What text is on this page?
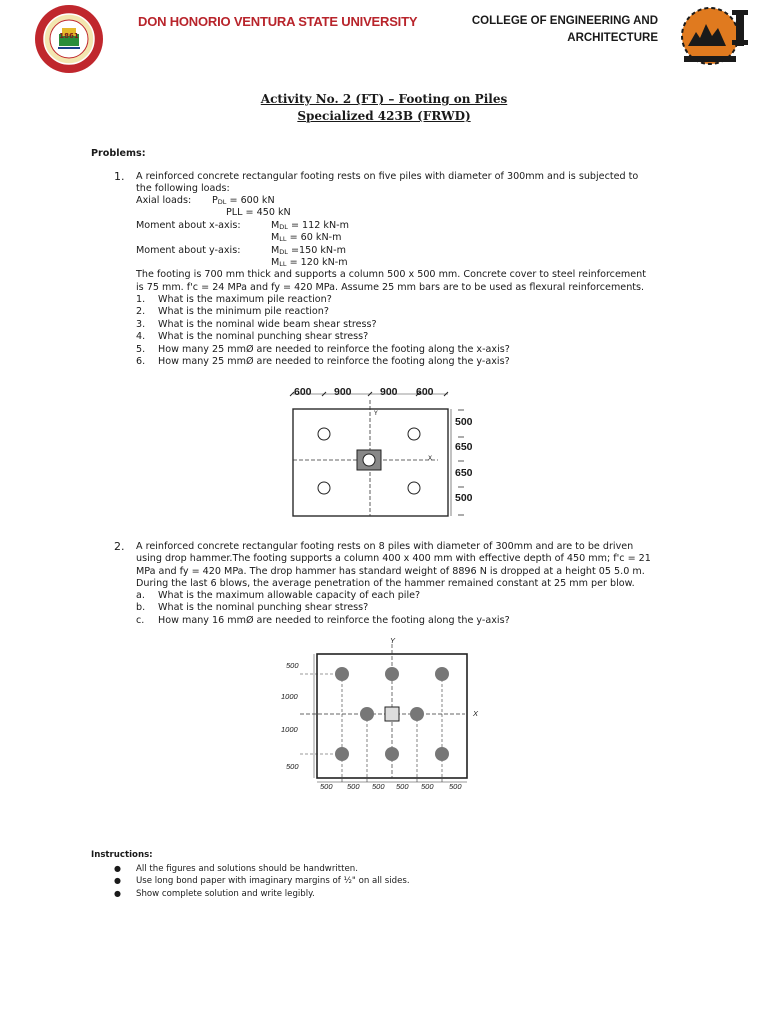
1861
DON HONORIO VENTURA STATE UNIVERSITY	COLLEGE OF ENGINEERING AND
ARCHITECTURE
Activity No. 2 (FT) – Footing on Piles
Specialized 423B (FRWD)
Problems:
1. A reinforced concrete rectangular footing rests on five piles with diameter of 300mm and is subjected to
the following loads:
Axial loads: $P_{DL} = 600$ kN
PLL = 450 kN
Moment about x-axis:	$M_{DL} = 112$ kN-m
$M_{LL} = 60$ kN-m
Moment about y-axis:	$M_{DL} =150$ kN-m
$M_{LL} = 120$ kN-m
The footing is 700 mm thick and supports a column 500 x 500 mm. Concrete cover to steel reinforcement
is 75 mm. f'c = 24 MPa and fy = 420 MPa. Assume 25 mm bars are to be used as flexural reinforcements.
1. What is the maximum pile reaction?
2. What is the minimum pile reaction?
3. What is the nominal wide beam shear stress?
4. What is the nominal punching shear stress?
5. How many 25 mmØ are needed to reinforce the footing along the x-axis?
6. How many 25 mmØ are needed to reinforce the footing along the y-axis?
600 900	900 600
500
650
650
500
Y
X
2. A reinforced concrete rectangular footing rests on 8 piles with diameter of 300mm and are to be driven
using drop hammer.The footing supports a column 400 x 400 mm with effective depth of 450 mm; f'c = 21
MPa and fy = 420 MPa. The drop hammer has standard weight of 8896 N is dropped at a height 05 5.0 m.
During the last 6 blows, the average penetration of the hammer remained constant at 25 mm per blow.
a. What is the maximum allowable capacity of each pile?
b. What is the nominal punching shear stress?
c. How many 16 mmØ are needed to reinforce the footing along the y-axis?
500
1000
1000
500
500 500 500 500 500 500
Y
X
Instructions:
● All the figures and solutions should be handwritten.
● Use long bond paper with imaginary margins of ½" on all sides.
● Show complete solution and write legibly.
